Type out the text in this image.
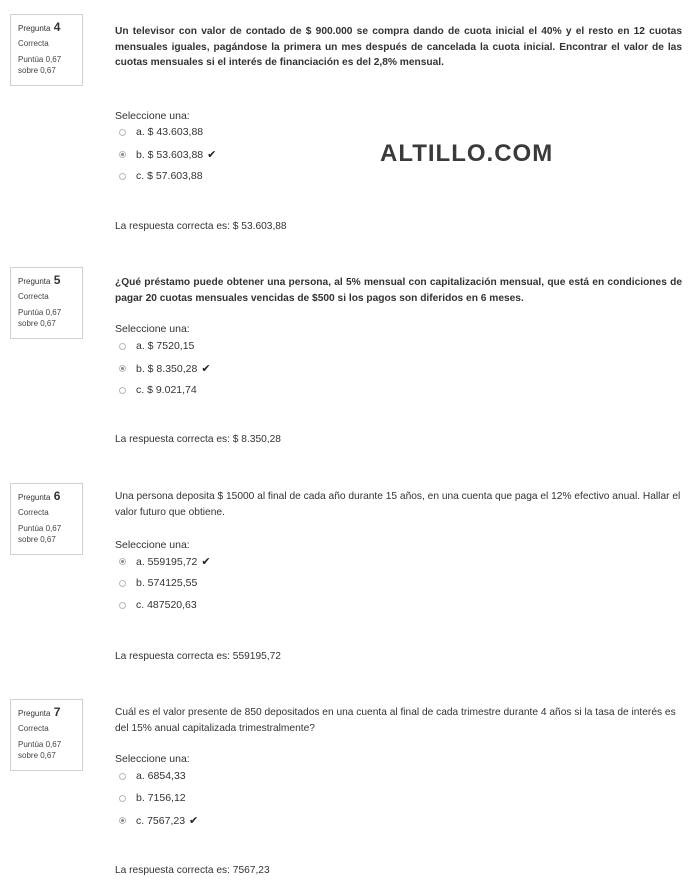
Pregunta 4
Correcta
Puntúa 0,67
sobre 0,67
Un televisor con valor de contado de $ 900.000 se compra dando de cuota inicial el 40% y el resto en 12 cuotas mensuales iguales, pagándose la primera un mes después de cancelada la cuota inicial. Encontrar el valor de las cuotas mensuales si el interés de financiación es del 2,8% mensual.
Seleccione una:
a. $ 43.603,88
b. $ 53.603,88 ✔
c. $ 57.603,88
La respuesta correcta es: $ 53.603,88
Pregunta 5
Correcta
Puntúa 0,67
sobre 0,67
¿Qué préstamo puede obtener una persona, al 5% mensual con capitalización mensual, que está en condiciones de pagar 20 cuotas mensuales vencidas de $500 si los pagos son diferidos en 6 meses.
Seleccione una:
a. $ 7520,15
b. $ 8.350,28 ✔
c. $ 9.021,74
La respuesta correcta es: $ 8.350,28
Pregunta 6
Correcta
Puntúa 0,67
sobre 0,67
Una persona deposita $ 15000 al final de cada año durante 15 años, en una cuenta que paga el 12% efectivo anual. Hallar el valor futuro que obtiene.
Seleccione una:
a. 559195,72 ✔
b. 574125,55
c. 487520,63
La respuesta correcta es: 559195,72
Pregunta 7
Correcta
Puntúa 0,67
sobre 0,67
Cuál es el valor presente de 850 depositados en una cuenta al final de cada trimestre durante 4 años si la tasa de interés es del 15% anual capitalizada trimestralmente?
Seleccione una:
a. 6854,33
b. 7156,12
c. 7567,23 ✔
La respuesta correcta es: 7567,23
ALTILLO.COM
